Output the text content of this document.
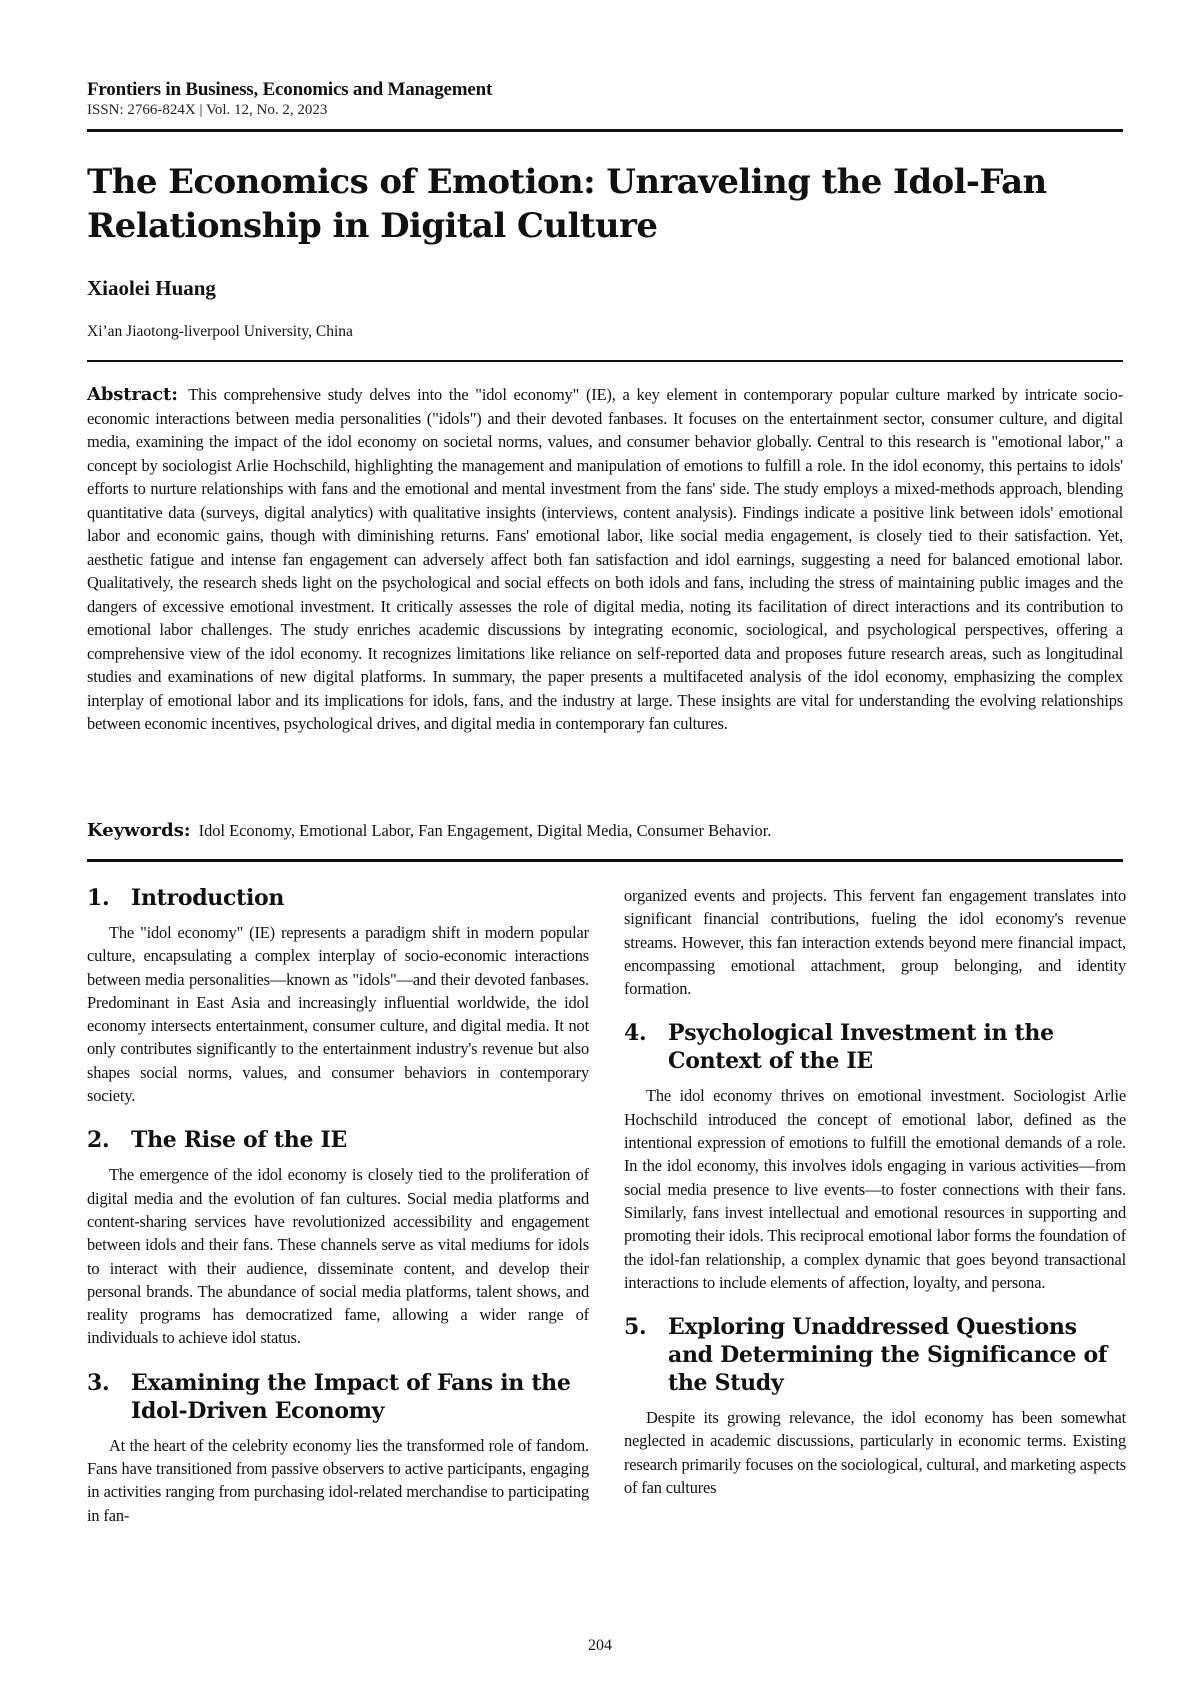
Frontiers in Business, Economics and Management
ISSN: 2766-824X | Vol. 12, No. 2, 2023
The Economics of Emotion: Unraveling the Idol-Fan Relationship in Digital Culture
Xiaolei Huang
Xi’an Jiaotong-liverpool University, China
Abstract: This comprehensive study delves into the "idol economy" (IE), a key element in contemporary popular culture marked by intricate socio-economic interactions between media personalities ("idols") and their devoted fanbases. It focuses on the entertainment sector, consumer culture, and digital media, examining the impact of the idol economy on societal norms, values, and consumer behavior globally. Central to this research is "emotional labor," a concept by sociologist Arlie Hochschild, highlighting the management and manipulation of emotions to fulfill a role. In the idol economy, this pertains to idols' efforts to nurture relationships with fans and the emotional and mental investment from the fans' side. The study employs a mixed-methods approach, blending quantitative data (surveys, digital analytics) with qualitative insights (interviews, content analysis). Findings indicate a positive link between idols' emotional labor and economic gains, though with diminishing returns. Fans' emotional labor, like social media engagement, is closely tied to their satisfaction. Yet, aesthetic fatigue and intense fan engagement can adversely affect both fan satisfaction and idol earnings, suggesting a need for balanced emotional labor. Qualitatively, the research sheds light on the psychological and social effects on both idols and fans, including the stress of maintaining public images and the dangers of excessive emotional investment. It critically assesses the role of digital media, noting its facilitation of direct interactions and its contribution to emotional labor challenges. The study enriches academic discussions by integrating economic, sociological, and psychological perspectives, offering a comprehensive view of the idol economy. It recognizes limitations like reliance on self-reported data and proposes future research areas, such as longitudinal studies and examinations of new digital platforms. In summary, the paper presents a multifaceted analysis of the idol economy, emphasizing the complex interplay of emotional labor and its implications for idols, fans, and the industry at large. These insights are vital for understanding the evolving relationships between economic incentives, psychological drives, and digital media in contemporary fan cultures.
Keywords: Idol Economy, Emotional Labor, Fan Engagement, Digital Media, Consumer Behavior.
1. Introduction

The "idol economy" (IE) represents a paradigm shift in modern popular culture, encapsulating a complex interplay of socio-economic interactions between media personalities—known as "idols"—and their devoted fanbases. Predominant in East Asia and increasingly influential worldwide, the idol economy intersects entertainment, consumer culture, and digital media. It not only contributes significantly to the entertainment industry's revenue but also shapes social norms, values, and consumer behaviors in contemporary society.

2. The Rise of the IE

The emergence of the idol economy is closely tied to the proliferation of digital media and the evolution of fan cultures. Social media platforms and content-sharing services have revolutionized accessibility and engagement between idols and their fans. These channels serve as vital mediums for idols to interact with their audience, disseminate content, and develop their personal brands. The abundance of social media platforms, talent shows, and reality programs has democratized fame, allowing a wider range of individuals to achieve idol status.

3. Examining the Impact of Fans in the Idol-Driven Economy

At the heart of the celebrity economy lies the transformed role of fandom. Fans have transitioned from passive observers to active participants, engaging in activities ranging from purchasing idol-related merchandise to participating in fan-

organized events and projects. This fervent fan engagement translates into significant financial contributions, fueling the idol economy's revenue streams. However, this fan interaction extends beyond mere financial impact, encompassing emotional attachment, group belonging, and identity formation.

4. Psychological Investment in the Context of the IE

The idol economy thrives on emotional investment. Sociologist Arlie Hochschild introduced the concept of emotional labor, defined as the intentional expression of emotions to fulfill the emotional demands of a role. In the idol economy, this involves idols engaging in various activities—from social media presence to live events—to foster connections with their fans. Similarly, fans invest intellectual and emotional resources in supporting and promoting their idols. This reciprocal emotional labor forms the foundation of the idol-fan relationship, a complex dynamic that goes beyond transactional interactions to include elements of affection, loyalty, and persona.

5. Exploring Unaddressed Questions and Determining the Significance of the Study

Despite its growing relevance, the idol economy has been somewhat neglected in academic discussions, particularly in economic terms. Existing research primarily focuses on the sociological, cultural, and marketing aspects of fan cultures

204
